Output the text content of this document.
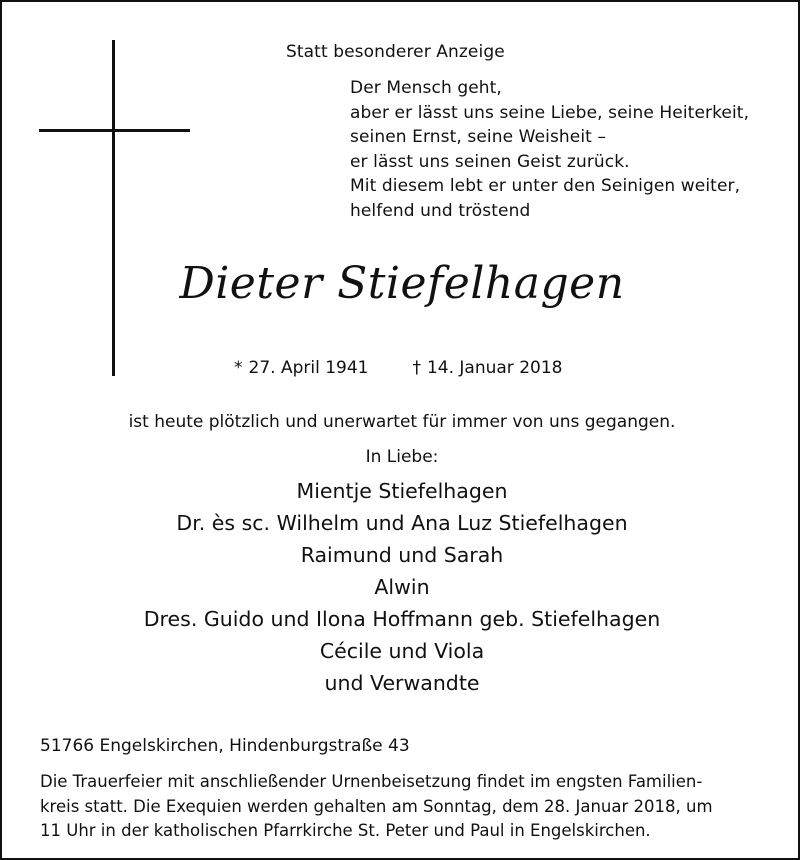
Statt besonderer Anzeige
Der Mensch geht,
aber er lässt uns seine Liebe, seine Heiterkeit,
seinen Ernst, seine Weisheit –
er lässt uns seinen Geist zurück.
Mit diesem lebt er unter den Seinigen weiter,
helfend und tröstend
Dieter Stiefelhagen
* 27. April 1941	† 14. Januar 2018
ist heute plötzlich und unerwartet für immer von uns gegangen.
In Liebe:
Mientje Stiefelhagen
Dr. ès sc. Wilhelm und Ana Luz Stiefelhagen
Raimund und Sarah
Alwin
Dres. Guido und Ilona Hoffmann geb. Stiefelhagen
Cécile und Viola
und Verwandte
51766 Engelskirchen, Hindenburgstraße 43
Die Trauerfeier mit anschließender Urnenbeisetzung findet im engsten Familien-
kreis statt. Die Exequien werden gehalten am Sonntag, dem 28. Januar 2018, um
11 Uhr in der katholischen Pfarrkirche St. Peter und Paul in Engelskirchen.
